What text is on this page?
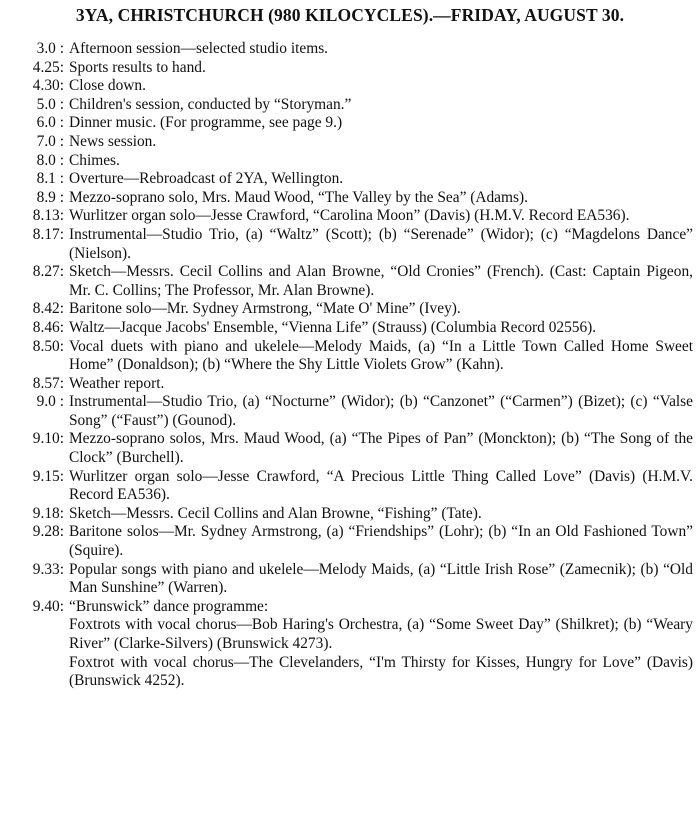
3YA, CHRISTCHURCH (980 KILOCYCLES).—FRIDAY, AUGUST 30.
3.0 : Afternoon session—selected studio items.
4.25: Sports results to hand.
4.30: Close down.
5.0 : Children's session, conducted by “Storyman.”
6.0 : Dinner music. (For programme, see page 9.)
7.0 : News session.
8.0 : Chimes.
8.1 : Overture—Rebroadcast of 2YA, Wellington.
8.9 : Mezzo-soprano solo, Mrs. Maud Wood, “The Valley by the Sea” (Adams).
8.13: Wurlitzer organ solo—Jesse Crawford, “Carolina Moon” (Davis) (H.M.V. Record EA536).
8.17: Instrumental—Studio Trio, (a) “Waltz” (Scott); (b) “Serenade” (Widor); (c) “Magdelons Dance” (Nielson).
8.27: Sketch—Messrs. Cecil Collins and Alan Browne, “Old Cronies” (French). (Cast: Captain Pigeon, Mr. C. Collins; The Professor, Mr. Alan Browne).
8.42: Baritone solo—Mr. Sydney Armstrong, “Mate O' Mine” (Ivey).
8.46: Waltz—Jacque Jacobs' Ensemble, “Vienna Life” (Strauss) (Columbia Record 02556).
8.50: Vocal duets with piano and ukelele—Melody Maids, (a) “In a Little Town Called Home Sweet Home” (Donaldson); (b) “Where the Shy Little Violets Grow” (Kahn).
8.57: Weather report.
9.0 : Instrumental—Studio Trio, (a) “Nocturne” (Widor); (b) “Canzonet” (“Carmen”) (Bizet); (c) “Valse Song” (“Faust”) (Gounod).
9.10: Mezzo-soprano solos, Mrs. Maud Wood, (a) “The Pipes of Pan” (Monckton); (b) “The Song of the Clock” (Burchell).
9.15: Wurlitzer organ solo—Jesse Crawford, “A Precious Little Thing Called Love” (Davis) (H.M.V. Record EA536).
9.18: Sketch—Messrs. Cecil Collins and Alan Browne, “Fishing” (Tate).
9.28: Baritone solos—Mr. Sydney Armstrong, (a) “Friendships” (Lohr); (b) “In an Old Fashioned Town” (Squire).
9.33: Popular songs with piano and ukelele—Melody Maids, (a) “Little Irish Rose” (Zamecnik); (b) “Old Man Sunshine” (Warren).
9.40: “Brunswick” dance programme:
Foxtrots with vocal chorus—Bob Haring's Orchestra, (a) “Some Sweet Day” (Shilkret); (b) “Weary River” (Clarke-Silvers) (Brunswick 4273).
Foxtrot with vocal chorus—The Clevelanders, “I'm Thirsty for Kisses, Hungry for Love” (Davis) (Brunswick 4252).
